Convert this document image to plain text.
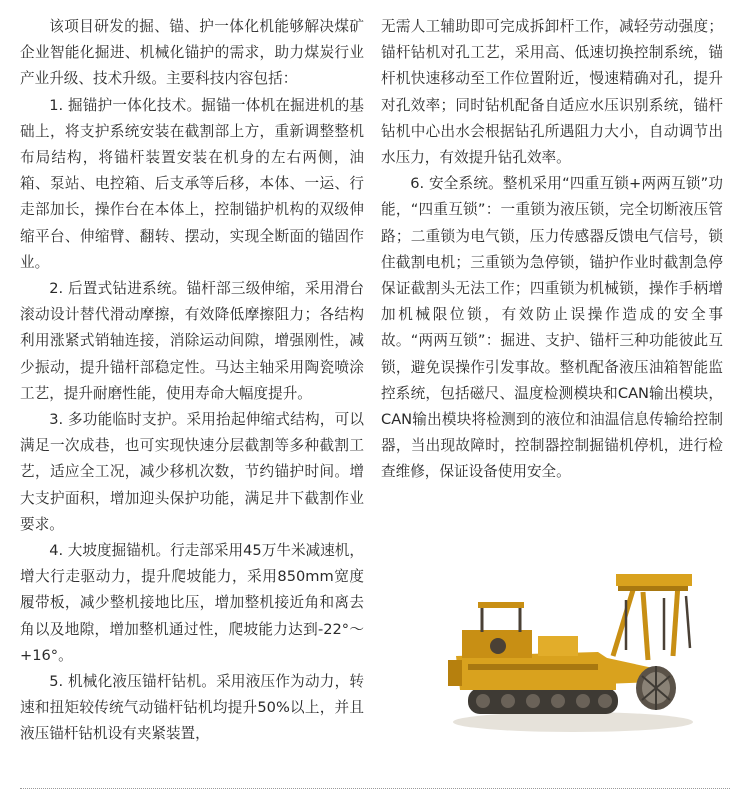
该项目研发的掘、锚、护一体化机能够解决煤矿企业智能化掘进、机械化锚护的需求，助力煤炭行业产业升级、技术升级。主要科技内容包括：

1. 掘锚护一体化技术。掘锚一体机在掘进机的基础上，将支护系统安装在截割部上方，重新调整整机布局结构，将锚杆装置安装在机身的左右两侧，油箱、泵站、电控箱、后支承等后移，本体、一运、行走部加长，操作台在本体上，控制锚护机构的双级伸缩平台、伸缩臂、翻转、摆动，实现全断面的锚固作业。

2. 后置式钻进系统。锚杆部三级伸缩，采用滑台滚动设计替代滑动摩擦，有效降低摩擦阻力；各结构利用涨紧式销轴连接，消除运动间隙，增强刚性，减少振动，提升锚杆部稳定性。马达主轴采用陶瓷喷涂工艺，提升耐磨性能，使用寿命大幅度提升。

3. 多功能临时支护。采用抬起伸缩式结构，可以满足一次成巷，也可实现快速分层截割等多种截割工艺，适应全工况，减少移机次数，节约锚护时间。增大支护面积，增加迎头保护功能，满足井下截割作业要求。

4. 大坡度掘锚机。行走部采用45万牛米减速机，增大行走驱动力，提升爬坡能力，采用850mm宽度履带板，减少整机接地比压，增加整机接近角和离去角以及地隙，增加整机通过性，爬坡能力达到-22°～+16°。

5. 机械化液压锚杆钻机。采用液压作为动力，转速和扭矩较传统气动锚杆钻机均提升50%以上，并且液压锚杆钻机设有夹紧装置，

无需人工辅助即可完成拆卸杆工作，减轻劳动强度；锚杆钻机对孔工艺，采用高、低速切换控制系统，锚杆机快速移动至工作位置附近，慢速精确对孔，提升对孔效率；同时钻机配备自适应水压识别系统，锚杆钻机中心出水会根据钻孔所遇阻力大小，自动调节出水压力，有效提升钻孔效率。

6. 安全系统。整机采用“四重互锁+两两互锁”功能，“四重互锁”：一重锁为液压锁，完全切断液压管路；二重锁为电气锁，压力传感器反馈电气信号，锁住截割电机；三重锁为急停锁，锚护作业时截割急停保证截割头无法工作；四重锁为机械锁，操作手柄增加机械限位锁，有效防止误操作造成的安全事故。“两两互锁”：掘进、支护、锚杆三种功能彼此互锁，避免误操作引发事故。整机配备液压油箱智能监控系统，包括磁尺、温度检测模块和CAN输出模块，CAN输出模块将检测到的液位和油温信息传输给控制器，当出现故障时，控制器控制掘锚机停机，进行检查维修，保证设备使用安全。
